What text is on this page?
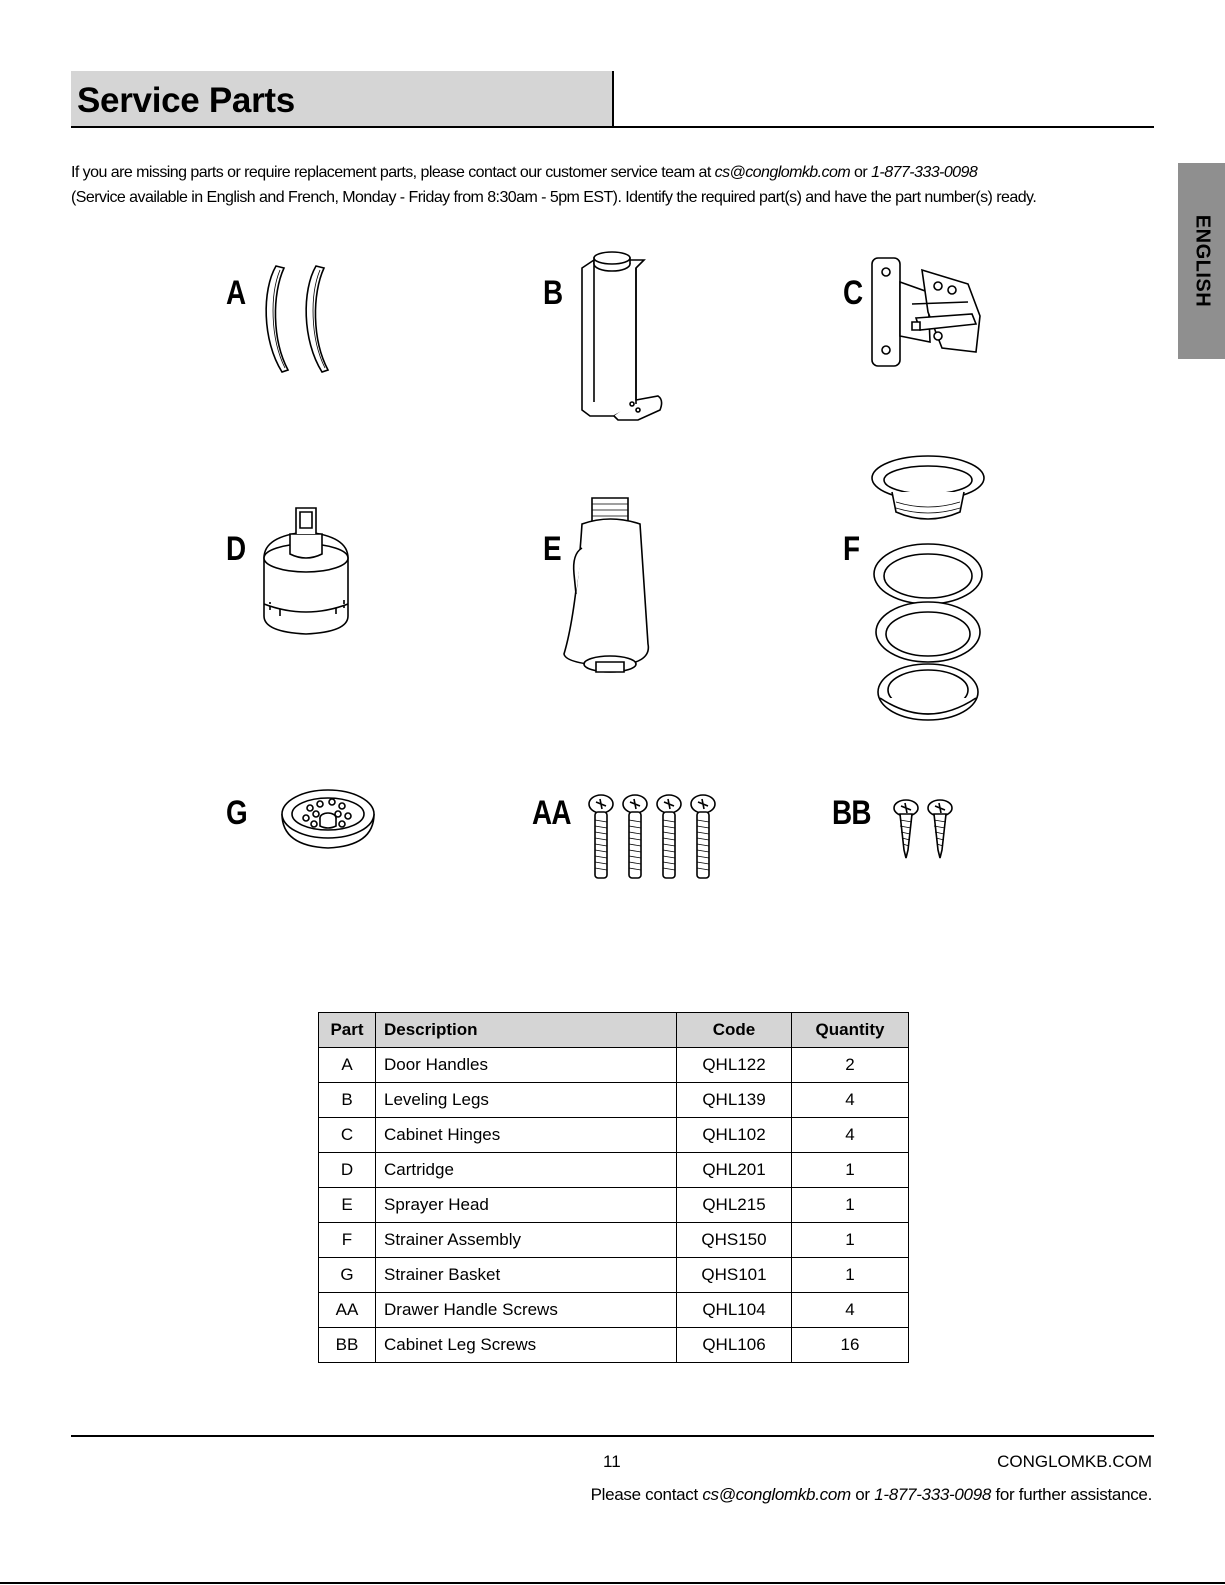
Service Parts
ENGLISH
If you are missing parts or require replacement parts, please contact our customer service team at cs@conglomkb.com or 1-877-333-0098
(Service available in English and French, Monday - Friday from 8:30am - 5pm EST). Identify the required part(s) and have the part number(s) ready.
A	B	C
D	E	F
G	AA	BB
Part	Description	Code	Quantity
A	Door Handles	QHL122	2
B	Leveling Legs	QHL139	4
C	Cabinet Hinges	QHL102	4
D	Cartridge	QHL201	1
E	Sprayer Head	QHL215	1
F	Strainer Assembly	QHS150	1
G	Strainer Basket	QHS101	1
AA	Drawer Handle Screws	QHL104	4
BB	Cabinet Leg Screws	QHL106	16
11	CONGLOMKB.COM
Please contact cs@conglomkb.com or 1-877-333-0098 for further assistance.
